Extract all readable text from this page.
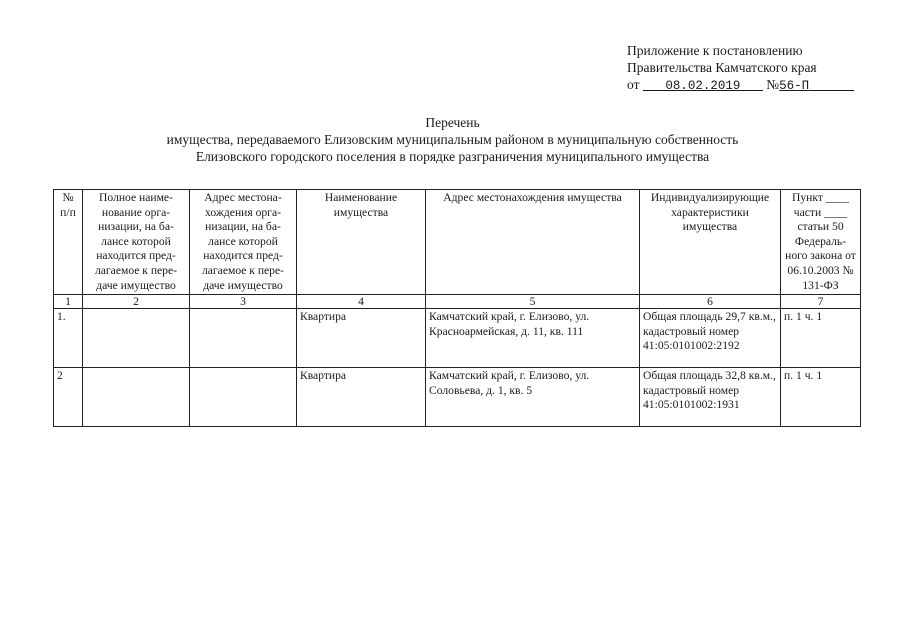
Приложение к постановлению
Правительства Камчатского края
от 08.02.2019 №56-П
Перечень
имущества, передаваемого Елизовским муниципальным районом в муниципальную собственность
Елизовского городского поселения в порядке разграничения муниципального имущества
№ п/п	Полное наиме-нование орга-низации, на ба-лансе которой находится пред-лагаемое к пере-даче имущество	Адрес местона-хождения орга-низации, на ба-лансе которой находится пред-лагаемое к пере-даче имущество	Наименование имущества	Адрес местонахождения имущества	Индивидуализирующие характеристики имущества	Пункт ____ части ____ статьи 50 Федераль-ного закона от 06.10.2003 № 131-ФЗ
1	2	3	4	5	6	7
1.			Квартира	Камчатский край, г. Елизово, ул. Красноармейская, д. 11, кв. 111	Общая площадь 29,7 кв.м., кадастровый номер 41:05:0101002:2192	п. 1 ч. 1
2			Квартира	Камчатский край, г. Елизово, ул. Соловьева, д. 1, кв. 5	Общая площадь 32,8 кв.м., кадастровый номер 41:05:0101002:1931	п. 1 ч. 1
